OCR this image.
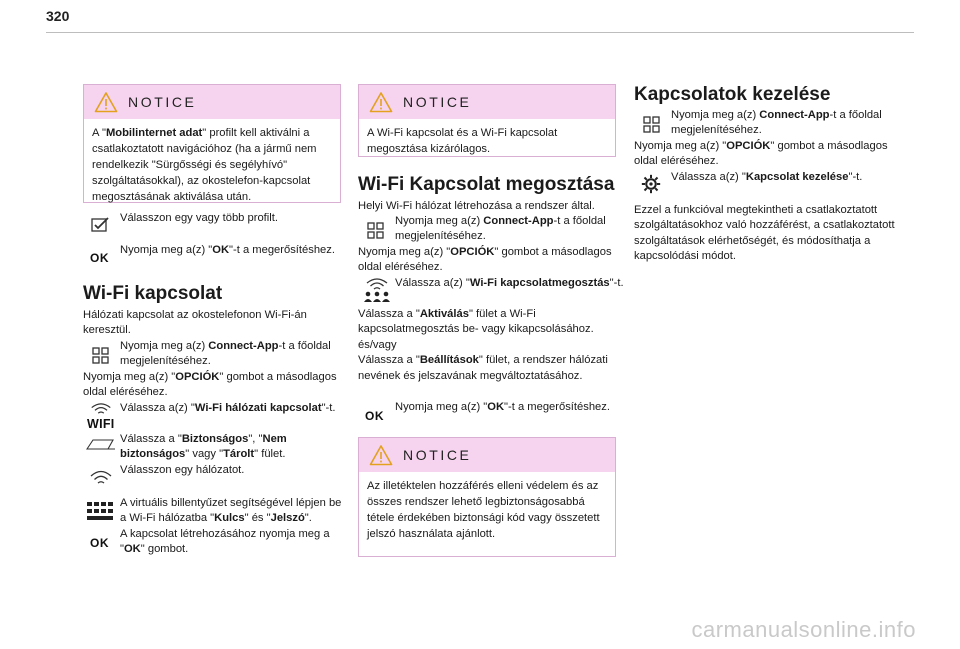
320
NOTICE
A "Mobilinternet adat" profilt kell aktiválni a csatlakoztatott navigációhoz (ha a jármű nem rendelkezik "Sürgősségi és segélyhívó" szolgáltatásokkal), az okostelefon-kapcsolat megosztásának aktiválása után.
Válasszon egy vagy több profilt.
OK
Nyomja meg a(z) "OK"-t a megerősítéshez.
Wi-Fi kapcsolat
Hálózati kapcsolat az okostelefonon Wi-Fi-án keresztül.
Nyomja meg a(z) Connect-App-t a főoldal megjelenítéséhez.
Nyomja meg a(z) "OPCIÓK" gombot a másodlagos oldal eléréséhez.
WIFI
Válassza a(z) "Wi-Fi hálózati kapcsolat"-t.
Válassza a "Biztonságos", "Nem biztonságos" vagy "Tárolt" fület.
Válasszon egy hálózatot.
A virtuális billentyűzet segítségével lépjen be a Wi-Fi hálózatba "Kulcs" és "Jelszó".
OK
A kapcsolat létrehozásához nyomja meg a "OK" gombot.
NOTICE
A Wi-Fi kapcsolat és a Wi-Fi kapcsolat megosztása kizárólagos.
Wi-Fi Kapcsolat megosztása
Helyi Wi-Fi hálózat létrehozása a rendszer által.
Nyomja meg a(z) Connect-App-t a főoldal megjelenítéséhez.
Nyomja meg a(z) "OPCIÓK" gombot a másodlagos oldal eléréséhez.
Válassza a(z) "Wi-Fi kapcsolatmegosztás"-t.
Válassza a "Aktiválás" fület a Wi-Fi kapcsolatmegosztás be- vagy kikapcsolásához.
és/vagy
Válassza a "Beállítások" fület, a rendszer hálózati nevének és jelszavának megváltoztatásához.
OK
Nyomja meg a(z) "OK"-t a megerősítéshez.
NOTICE
Az illetéktelen hozzáférés elleni védelem és az összes rendszer lehető legbiztonságosabbá tétele érdekében biztonsági kód vagy összetett jelszó használata ajánlott.
Kapcsolatok kezelése
Nyomja meg a(z) Connect-App-t a főoldal megjelenítéséhez.
Nyomja meg a(z) "OPCIÓK" gombot a másodlagos oldal eléréséhez.
Válassza a(z) "Kapcsolat kezelése"-t.
Ezzel a funkcióval megtekintheti a csatlakoztatott szolgáltatásokhoz való hozzáférést, a csatlakoztatott szolgáltatások elérhetőségét, és módosíthatja a kapcsolódási módot.
carmanualsonline.info
